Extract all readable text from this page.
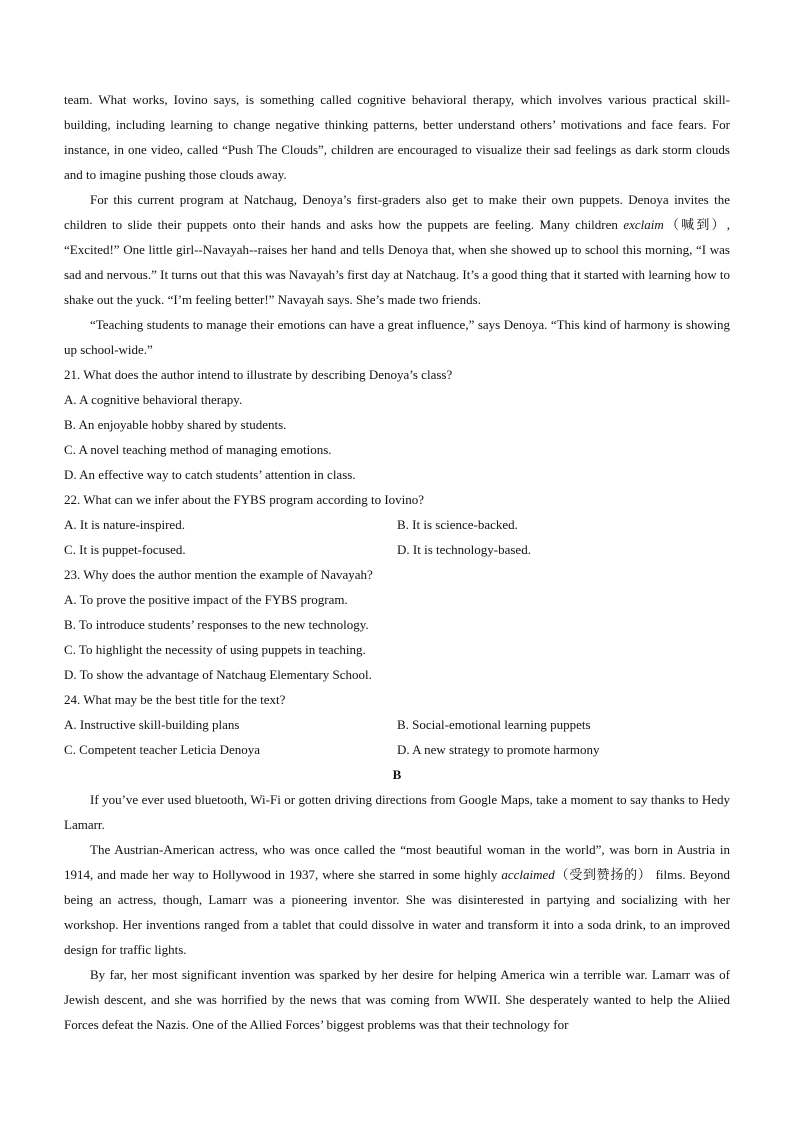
team. What works, Iovino says, is something called cognitive behavioral therapy, which involves various practical skill-building, including learning to change negative thinking patterns, better understand others’ motivations and face fears. For instance, in one video, called “Push The Clouds”, children are encouraged to visualize their sad feelings as dark storm clouds and to imagine pushing those clouds away.

For this current program at Natchaug, Denoya’s first-graders also get to make their own puppets. Denoya invites the children to slide their puppets onto their hands and asks how the puppets are feeling. Many children exclaim（喊到）, “Excited!” One little girl--Navayah--raises her hand and tells Denoya that, when she showed up to school this morning, “I was sad and nervous.” It turns out that this was Navayah’s first day at Natchaug. It’s a good thing that it started with learning how to shake out the yuck. “I’m feeling better!” Navayah says. She’s made two friends.

“Teaching students to manage their emotions can have a great influence,” says Denoya. “This kind of harmony is showing up school-wide.”

21. What does the author intend to illustrate by describing Denoya’s class?

A. A cognitive behavioral therapy.

B. An enjoyable hobby shared by students.

C. A novel teaching method of managing emotions.

D. An effective way to catch students’ attention in class.

22. What can we infer about the FYBS program according to Iovino?

A. It is nature-inspired.	B. It is science-backed.
C. It is puppet-focused.	D. It is technology-based.

23. Why does the author mention the example of Navayah?

A. To prove the positive impact of the FYBS program.

B. To introduce students’ responses to the new technology.

C. To highlight the necessity of using puppets in teaching.

D. To show the advantage of Natchaug Elementary School.

24. What may be the best title for the text?

A. Instructive skill-building plans	B. Social-emotional learning puppets
C. Competent teacher Leticia Denoya	D. A new strategy to promote harmony

B

If you’ve ever used bluetooth, Wi-Fi or gotten driving directions from Google Maps, take a moment to say thanks to Hedy Lamarr.

The Austrian-American actress, who was once called the “most beautiful woman in the world”, was born in Austria in 1914, and made her way to Hollywood in 1937, where she starred in some highly acclaimed（受到赞扬的） films. Beyond being an actress, though, Lamarr was a pioneering inventor. She was disinterested in partying and socializing with her workshop. Her inventions ranged from a tablet that could dissolve in water and transform it into a soda drink, to an improved design for traffic lights.

By far, her most significant invention was sparked by her desire for helping America win a terrible war. Lamarr was of Jewish descent, and she was horrified by the news that was coming from WWII. She desperately wanted to help the Aliied Forces defeat the Nazis. One of the Allied Forces’ biggest problems was that their technology for
